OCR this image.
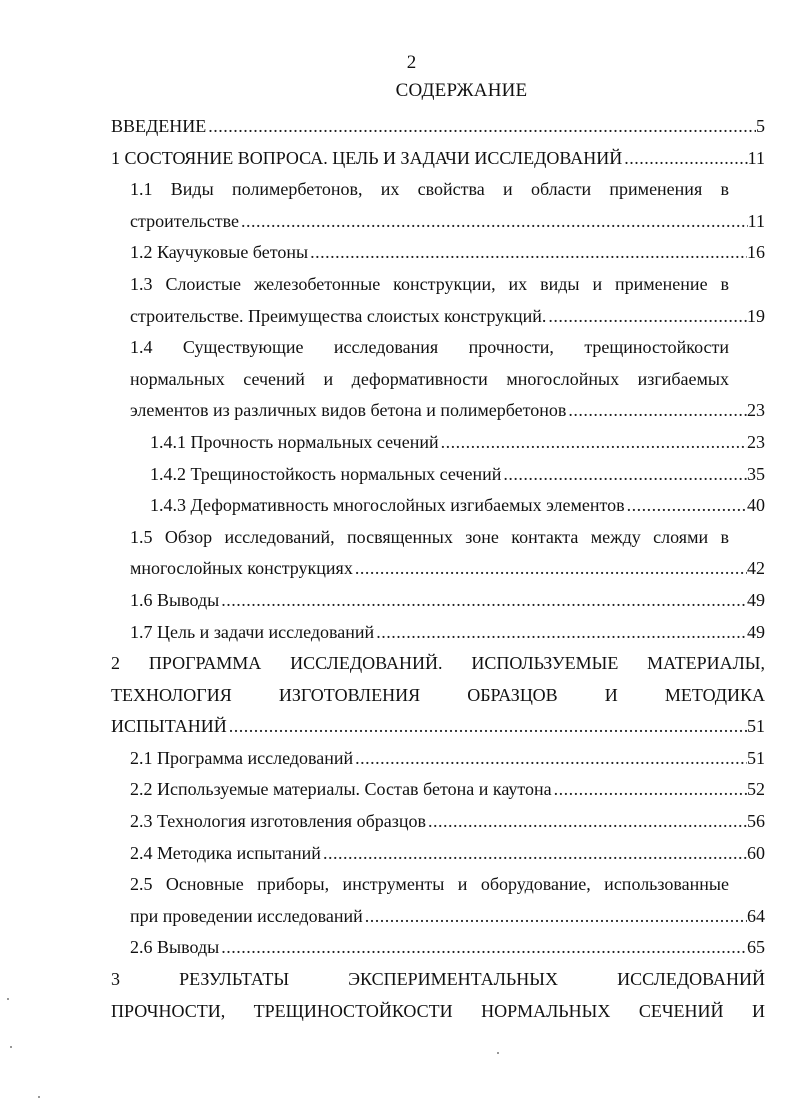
2
СОДЕРЖАНИЕ
ВВЕДЕНИЕ .....	5
1 СОСТОЯНИЕ ВОПРОСА. ЦЕЛЬ И ЗАДАЧИ ИССЛЕДОВАНИЙ .....	11
1.1 Виды полимербетонов, их свойства и области применения в
строительстве .....	11
1.2 Каучуковые бетоны .....	16
1.3 Слоистые железобетонные конструкции, их виды и применение в
строительстве. Преимущества слоистых конструкций. .....	19
1.4 Существующие исследования прочности, трещиностойкости
нормальных сечений и деформативности многослойных изгибаемых
элементов из различных видов бетона и полимербетонов .....	23
1.4.1 Прочность нормальных сечений .....	23
1.4.2 Трещиностойкость нормальных сечений .....	35
1.4.3 Деформативность многослойных изгибаемых элементов .....	40
1.5 Обзор исследований, посвященных зоне контакта между слоями в
многослойных конструкциях .....	42
1.6 Выводы .....	49
1.7 Цель и задачи исследований .....	49
2 ПРОГРАММА ИССЛЕДОВАНИЙ. ИСПОЛЬЗУЕМЫЕ МАТЕРИАЛЫ,
ТЕХНОЛОГИЯ ИЗГОТОВЛЕНИЯ ОБРАЗЦОВ И МЕТОДИКА
ИСПЫТАНИЙ .....	51
2.1 Программа исследований .....	51
2.2 Используемые материалы. Состав бетона и каутона .....	52
2.3 Технология изготовления образцов .....	56
2.4 Методика испытаний .....	60
2.5 Основные приборы, инструменты и оборудование, использованные
при проведении исследований .....	64
2.6 Выводы .....	65
3 РЕЗУЛЬТАТЫ ЭКСПЕРИМЕНТАЛЬНЫХ ИССЛЕДОВАНИЙ
ПРОЧНОСТИ, ТРЕЩИНОСТОЙКОСТИ НОРМАЛЬНЫХ СЕЧЕНИЙ И
